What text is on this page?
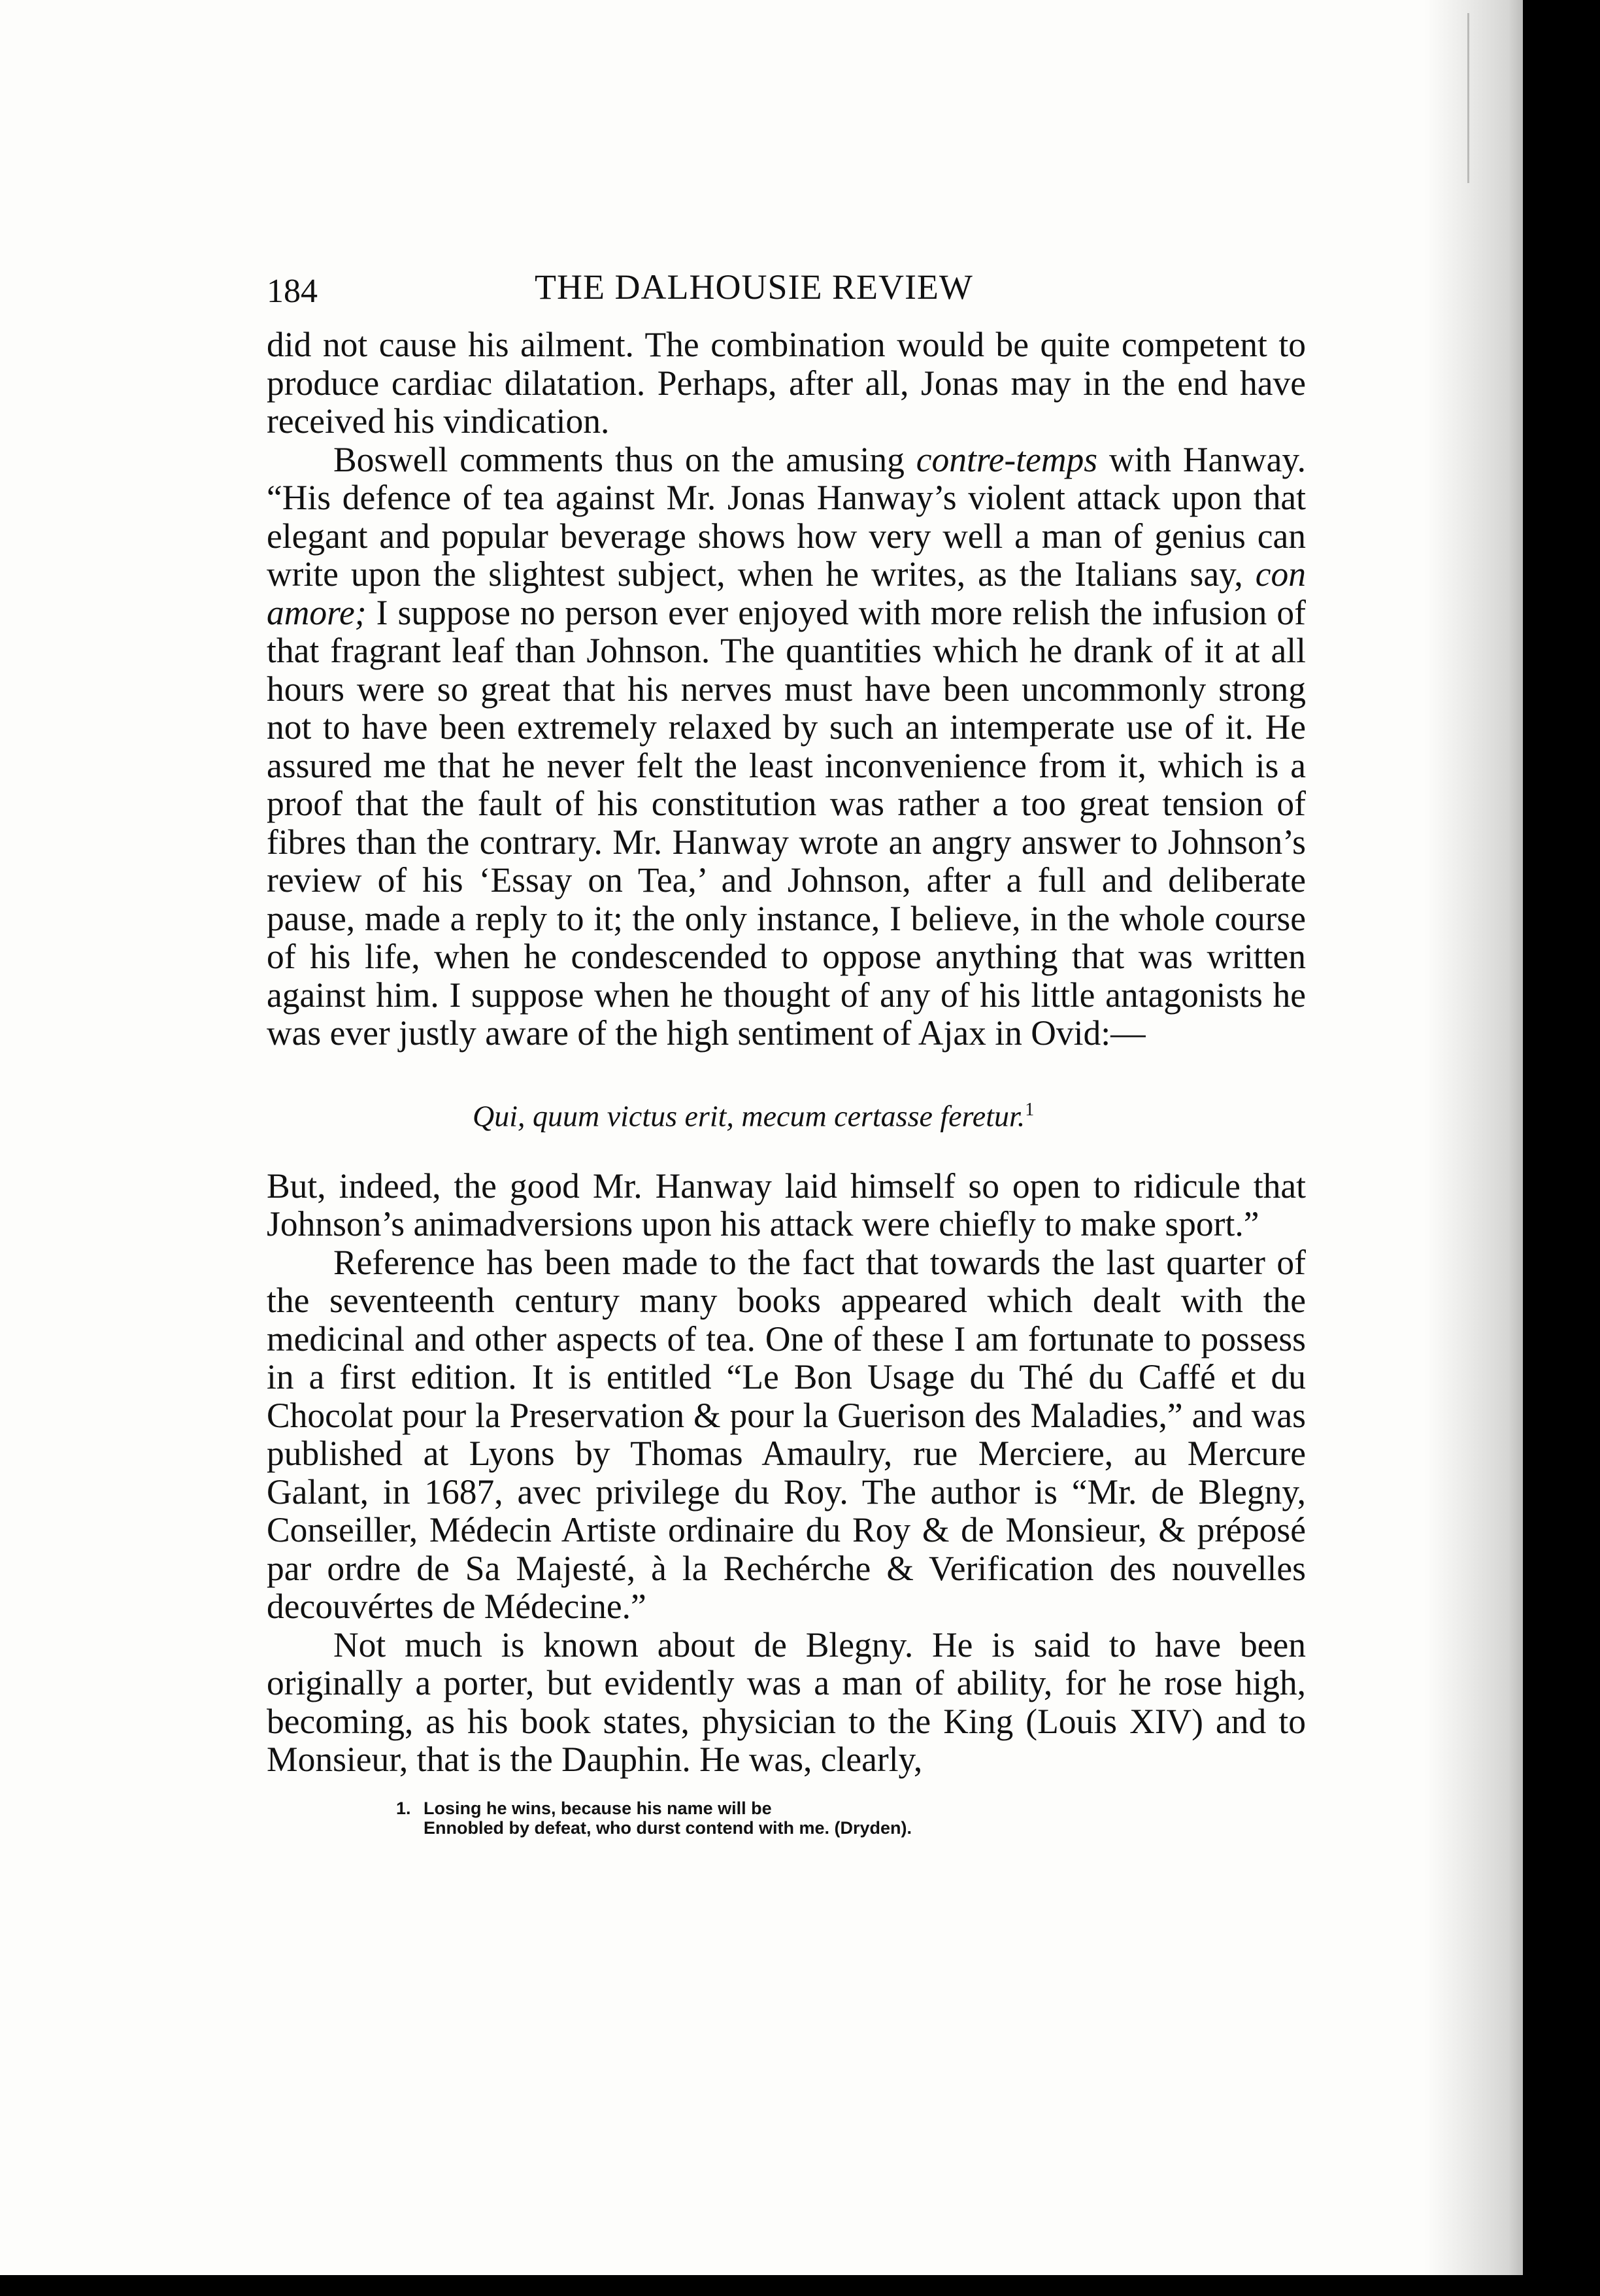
184	THE DALHOUSIE REVIEW

did not cause his ailment. The combination would be quite competent to produce cardiac dilatation. Perhaps, after all, Jonas may in the end have received his vindication.

Boswell comments thus on the amusing contre-temps with Hanway. “His defence of tea against Mr. Jonas Hanway’s violent attack upon that elegant and popular beverage shows how very well a man of genius can write upon the slightest subject, when he writes, as the Italians say, con amore; I suppose no person ever enjoyed with more relish the infusion of that fragrant leaf than Johnson. The quantities which he drank of it at all hours were so great that his nerves must have been uncommonly strong not to have been extremely relaxed by such an intemperate use of it. He assured me that he never felt the least inconvenience from it, which is a proof that the fault of his constitution was rather a too great tension of fibres than the contrary. Mr. Hanway wrote an angry answer to Johnson’s review of his ‘Essay on Tea,’ and Johnson, after a full and deliberate pause, made a reply to it; the only instance, I believe, in the whole course of his life, when he condescended to oppose anything that was written against him. I suppose when he thought of any of his little antagonists he was ever justly aware of the high sentiment of Ajax in Ovid:—

Qui, quum victus erit, mecum certasse feretur.$^1$

But, indeed, the good Mr. Hanway laid himself so open to ridicule that Johnson’s animadversions upon his attack were chiefly to make sport.”

Reference has been made to the fact that towards the last quarter of the seventeenth century many books appeared which dealt with the medicinal and other aspects of tea. One of these I am fortunate to possess in a first edition. It is entitled “Le Bon Usage du Thé du Caffé et du Chocolat pour la Preservation & pour la Guerison des Maladies,” and was published at Lyons by Thomas Amaulry, rue Merciere, au Mercure Galant, in 1687, avec privilege du Roy. The author is “Mr. de Blegny, Conseiller, Médecin Artiste ordinaire du Roy & de Monsieur, & préposé par ordre de Sa Majesté, à la Rechérche & Verification des nouvelles decouvértes de Médecine.”

Not much is known about de Blegny. He is said to have been originally a porter, but evidently was a man of ability, for he rose high, becoming, as his book states, physician to the King (Louis XIV) and to Monsieur, that is the Dauphin. He was, clearly,

1. Losing he wins, because his name will be
Ennobled by defeat, who durst contend with me. (Dryden).
